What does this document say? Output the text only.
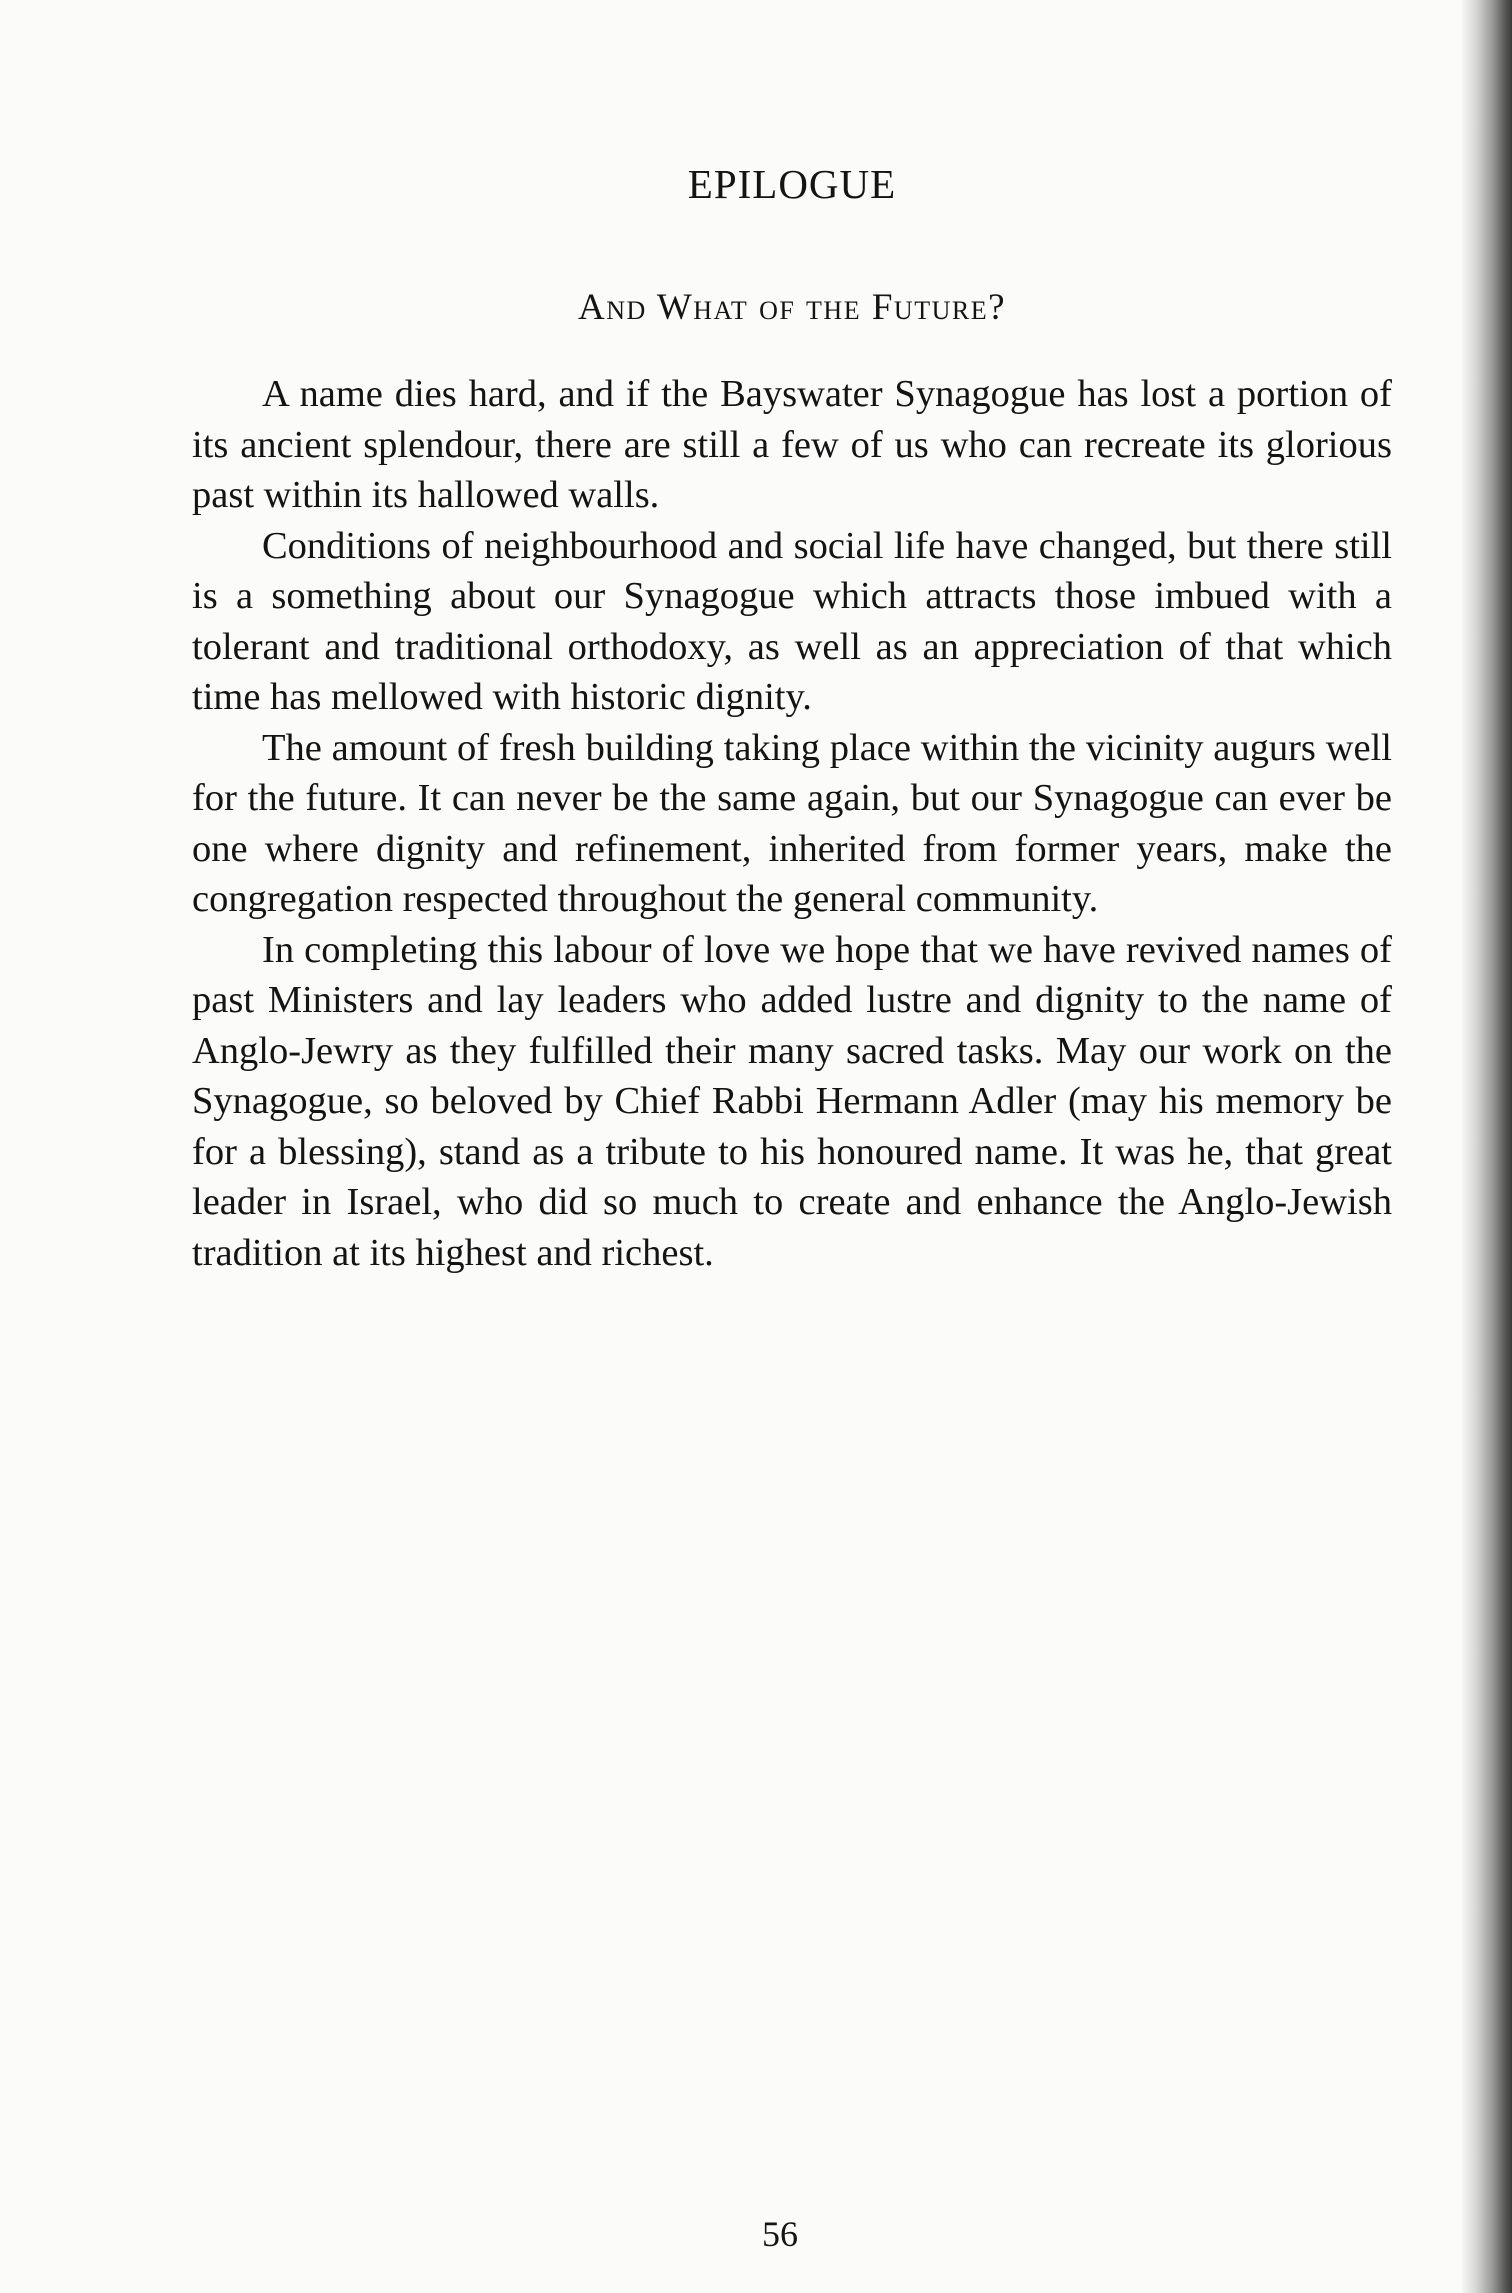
EPILOGUE
And What of the Future?

A name dies hard, and if the Bayswater Synagogue has lost a portion of its ancient splendour, there are still a few of us who can recreate its glorious past within its hallowed walls.

Conditions of neighbourhood and social life have changed, but there still is a something about our Synagogue which attracts those imbued with a tolerant and traditional orthodoxy, as well as an appreciation of that which time has mellowed with historic dignity.

The amount of fresh building taking place within the vicinity augurs well for the future. It can never be the same again, but our Synagogue can ever be one where dignity and refinement, inherited from former years, make the congregation respected throughout the general community.

In completing this labour of love we hope that we have revived names of past Ministers and lay leaders who added lustre and dignity to the name of Anglo-Jewry as they fulfilled their many sacred tasks. May our work on the Synagogue, so beloved by Chief Rabbi Hermann Adler (may his memory be for a blessing), stand as a tribute to his honoured name. It was he, that great leader in Israel, who did so much to create and enhance the Anglo-Jewish tradition at its highest and richest.

56
